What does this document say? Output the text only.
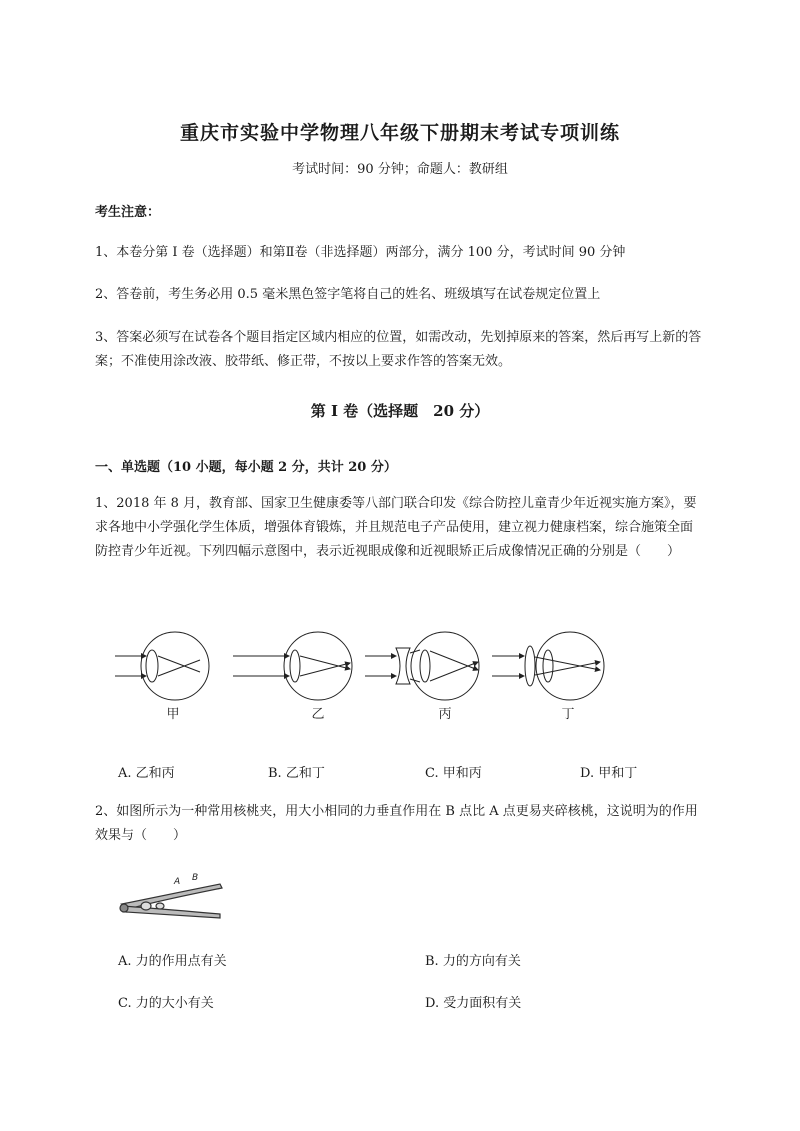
重庆市实验中学物理八年级下册期末考试专项训练
考试时间：90 分钟；命题人：教研组
考生注意：
1、本卷分第 I 卷（选择题）和第Ⅱ卷（非选择题）两部分，满分 100 分，考试时间 90 分钟
2、答卷前，考生务必用 0.5 毫米黑色签字笔将自己的姓名、班级填写在试卷规定位置上
3、答案必须写在试卷各个题目指定区域内相应的位置，如需改动，先划掉原来的答案，然后再写上新的答案；不准使用涂改液、胶带纸、修正带，不按以上要求作答的答案无效。
第 I 卷（选择题　20 分）
一、单选题（10 小题，每小题 2 分，共计 20 分）
1、2018 年 8 月，教育部、国家卫生健康委等八部门联合印发《综合防控儿童青少年近视实施方案》，要求各地中小学强化学生体质，增强体育锻炼，并且规范电子产品使用，建立视力健康档案，综合施策全面防控青少年近视。下列四幅示意图中，表示近视眼成像和近视眼矫正后成像情况正确的分别是（　　）
甲	乙	丙	丁
A. 乙和丙	B. 乙和丁	C. 甲和丙	D. 甲和丁
2、如图所示为一种常用核桃夹，用大小相同的力垂直作用在 B 点比 A 点更易夹碎核桃，这说明为的作用效果与（　　）
A B
A. 力的作用点有关	B. 力的方向有关
C. 力的大小有关	D. 受力面积有关
